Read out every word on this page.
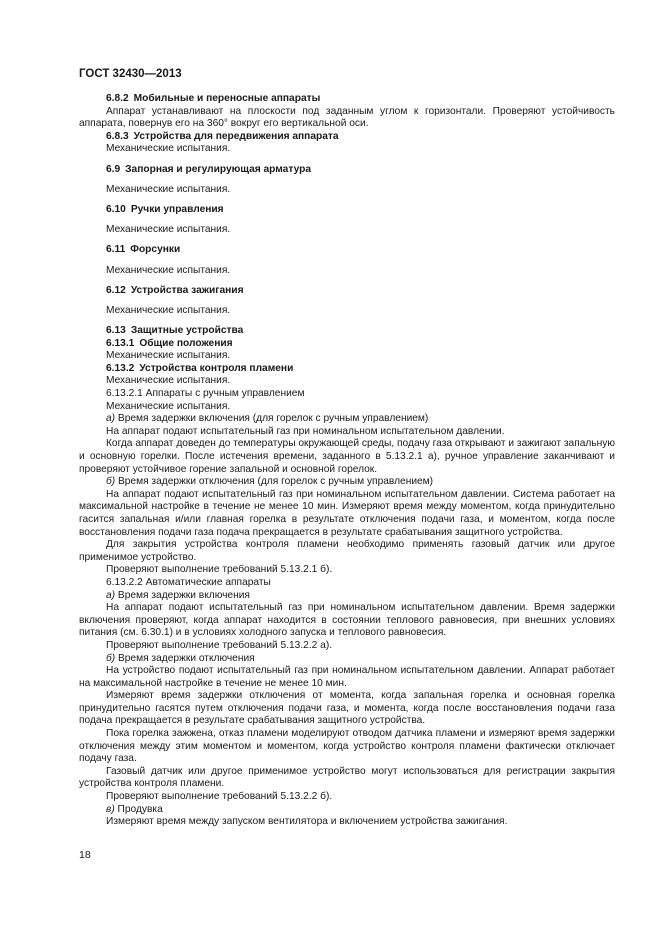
ГОСТ 32430—2013
6.8.2 Мобильные и переносные аппараты
Аппарат устанавливают на плоскости под заданным углом к горизонтали. Проверяют устойчивость аппарата, повернув его на 360° вокруг его вертикальной оси.
6.8.3 Устройства для передвижения аппарата
Механические испытания.
6.9 Запорная и регулирующая арматура
Механические испытания.
6.10 Ручки управления
Механические испытания.
6.11 Форсунки
Механические испытания.
6.12 Устройства зажигания
Механические испытания.
6.13 Защитные устройства
6.13.1 Общие положения
Механические испытания.
6.13.2 Устройства контроля пламени
Механические испытания.
6.13.2.1 Аппараты с ручным управлением
Механические испытания.
а) Время задержки включения (для горелок с ручным управлением)
На аппарат подают испытательный газ при номинальном испытательном давлении.
Когда аппарат доведен до температуры окружающей среды, подачу газа открывают и зажигают запальную и основную горелки. После истечения времени, заданного в 5.13.2.1 а), ручное управление заканчивают и проверяют устойчивое горение запальной и основной горелок.
б) Время задержки отключения (для горелок с ручным управлением)
На аппарат подают испытательный газ при номинальном испытательном давлении. Система работает на максимальной настройке в течение не менее 10 мин. Измеряют время между моментом, когда принудительно гасится запальная и/или главная горелка в результате отключения подачи газа, и моментом, когда после восстановления подачи газа подача прекращается в результате срабатывания защитного устройства.
Для закрытия устройства контроля пламени необходимо применять газовый датчик или другое применимое устройство.
Проверяют выполнение требований 5.13.2.1 б).
6.13.2.2 Автоматические аппараты
а) Время задержки включения
На аппарат подают испытательный газ при номинальном испытательном давлении. Время задержки включения проверяют, когда аппарат находится в состоянии теплового равновесия, при внешних условиях питания (см. 6.30.1) и в условиях холодного запуска и теплового равновесия.
Проверяют выполнение требований 5.13.2.2 а).
б) Время задержки отключения
На устройство подают испытательный газ при номинальном испытательном давлении. Аппарат работает на максимальной настройке в течение не менее 10 мин.
Измеряют время задержки отключения от момента, когда запальная горелка и основная горелка принудительно гасятся путем отключения подачи газа, и момента, когда после восстановления подачи газа подача прекращается в результате срабатывания защитного устройства.
Пока горелка зажжена, отказ пламени моделируют отводом датчика пламени и измеряют время задержки отключения между этим моментом и моментом, когда устройство контроля пламени фактически отключает подачу газа.
Газовый датчик или другое применимое устройство могут использоваться для регистрации закрытия устройства контроля пламени.
Проверяют выполнение требований 5.13.2.2 б).
в) Продувка
Измеряют время между запуском вентилятора и включением устройства зажигания.
18
